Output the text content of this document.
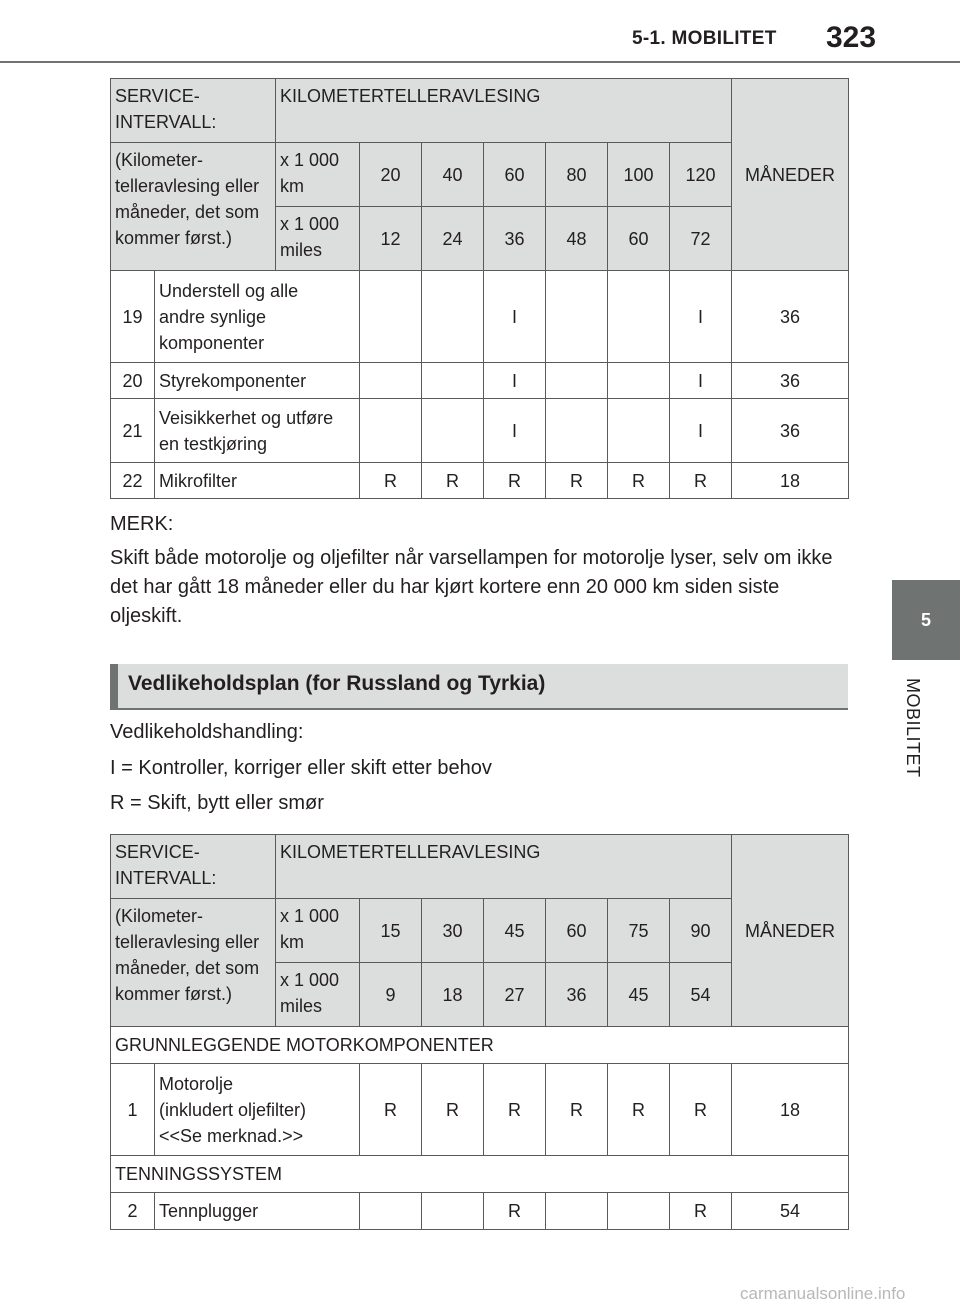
5-1. MOBILITET 323
5
MOBILITET
SERVICE-
INTERVALL:		KILOMETERTELLERAVLESING							MÅNEDER
(Kilometer-
telleravlesing eller
måneder, det som
kommer først.)		x 1 000
km	20	40	60	80	100	120	
		x 1 000
miles	12	24	36	48	60	72	
19	Understell og alle
andre synlige
komponenter				I			I	36
20	Styrekomponenter				I			I	36
21	Veisikkerhet og utføre
en testkjøring				I			I	36
22	Mikrofilter		R	R	R	R	R	R	18
MERK:
Skift både motorolje og oljefilter når varsellampen for motorolje lyser, selv om ikke det har gått 18 måneder eller du har kjørt kortere enn 20 000 km siden siste oljeskift.
Vedlikeholdsplan (for Russland og Tyrkia)
Vedlikeholdshandling:
I = Kontroller, korriger eller skift etter behov
R = Skift, bytt eller smør
SERVICE-
INTERVALL:		KILOMETERTELLERAVLESING							MÅNEDER
(Kilometer-
telleravlesing eller
måneder, det som
kommer først.)		x 1 000
km	15	30	45	60	75	90	
		x 1 000
miles	9	18	27	36	45	54	
GRUNNLEGGENDE MOTORKOMPONENTER									
1	Motorolje
(inkludert oljefilter)
<<Se merknad.>>		R	R	R	R	R	R	18
TENNINGSSYSTEM									
2	Tennplugger				R			R	54
carmanualsonline.info
